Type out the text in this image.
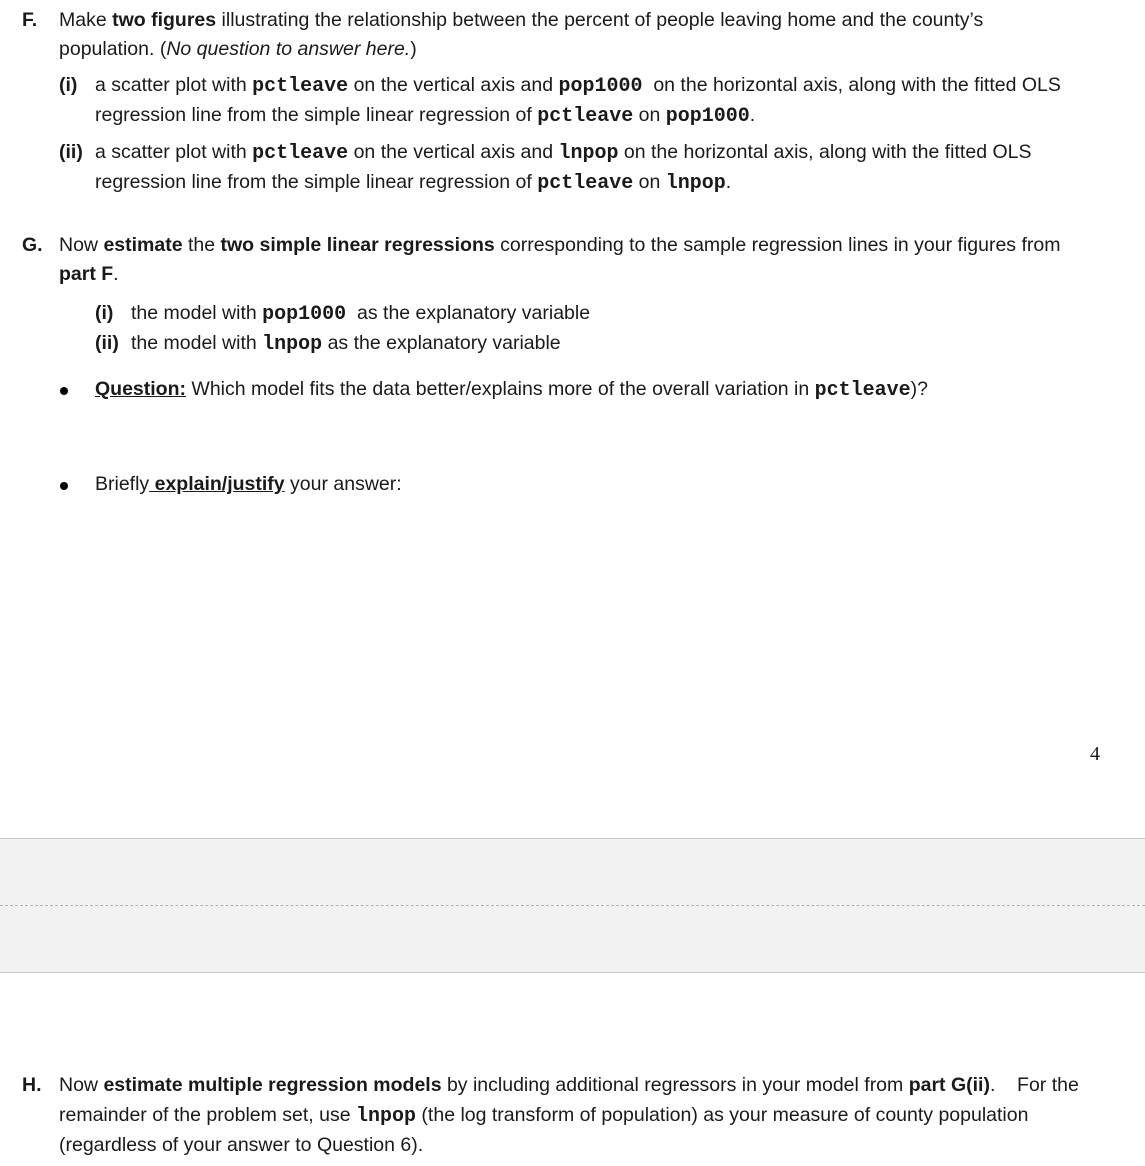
F. Make two figures illustrating the relationship between the percent of people leaving home and the county’s
population. (No question to answer here.)
(i) a scatter plot with pctleave on the vertical axis and pop1000  on the horizontal axis, along with the fitted OLS
regression line from the simple linear regression of pctleave on pop1000.
(ii) a scatter plot with pctleave on the vertical axis and lnpop on the horizontal axis, along with the fitted OLS
regression line from the simple linear regression of pctleave on lnpop.
G. Now estimate the two simple linear regressions corresponding to the sample regression lines in your figures from
part F.
(i) the model with pop1000  as the explanatory variable
(ii) the model with lnpop as the explanatory variable
Question: Which model fits the data better/explains more of the overall variation in pctleave)?
Briefly explain/justify your answer:
4
H. Now estimate multiple regression models by including additional regressors in your model from part G(ii).    For the
remainder of the problem set, use lnpop (the log transform of population) as your measure of county population
(regardless of your answer to Question 6).
